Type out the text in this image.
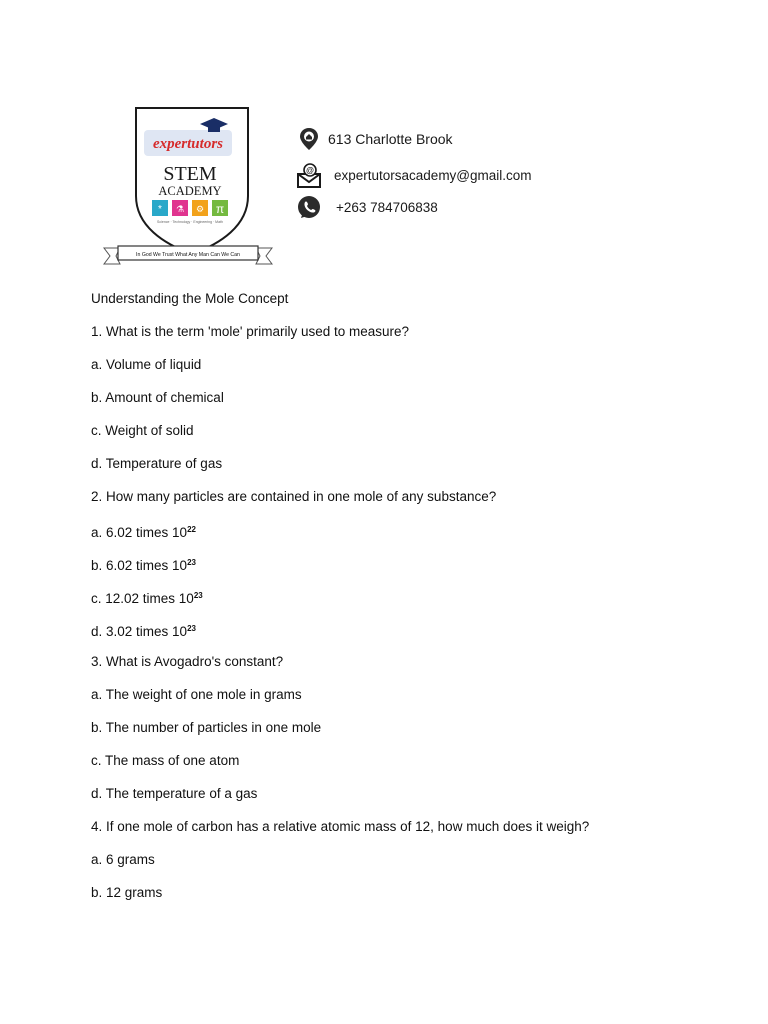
expertutors
STEM
ACADEMY
* ⚗ ⚙ π
Science · Technology · Engineering · Math
In God We Trust What Any Man Can We Can
613 Charlotte Brook
@ expertutorsacademy@gmail.com
+263 784706838
Understanding the Mole Concept
1. What is the term 'mole' primarily used to measure?
a. Volume of liquid
b. Amount of chemical
c. Weight of solid
d. Temperature of gas
2. How many particles are contained in one mole of any substance?
a. 6.02 times $10^{22}$
b. 6.02 times $10^{23}$
c. 12.02 times $10^{23}$
d. 3.02 times $10^{23}$
3. What is Avogadro's constant?
a. The weight of one mole in grams
b. The number of particles in one mole
c. The mass of one atom
d. The temperature of a gas
4. If one mole of carbon has a relative atomic mass of 12, how much does it weigh?
a. 6 grams
b. 12 grams
